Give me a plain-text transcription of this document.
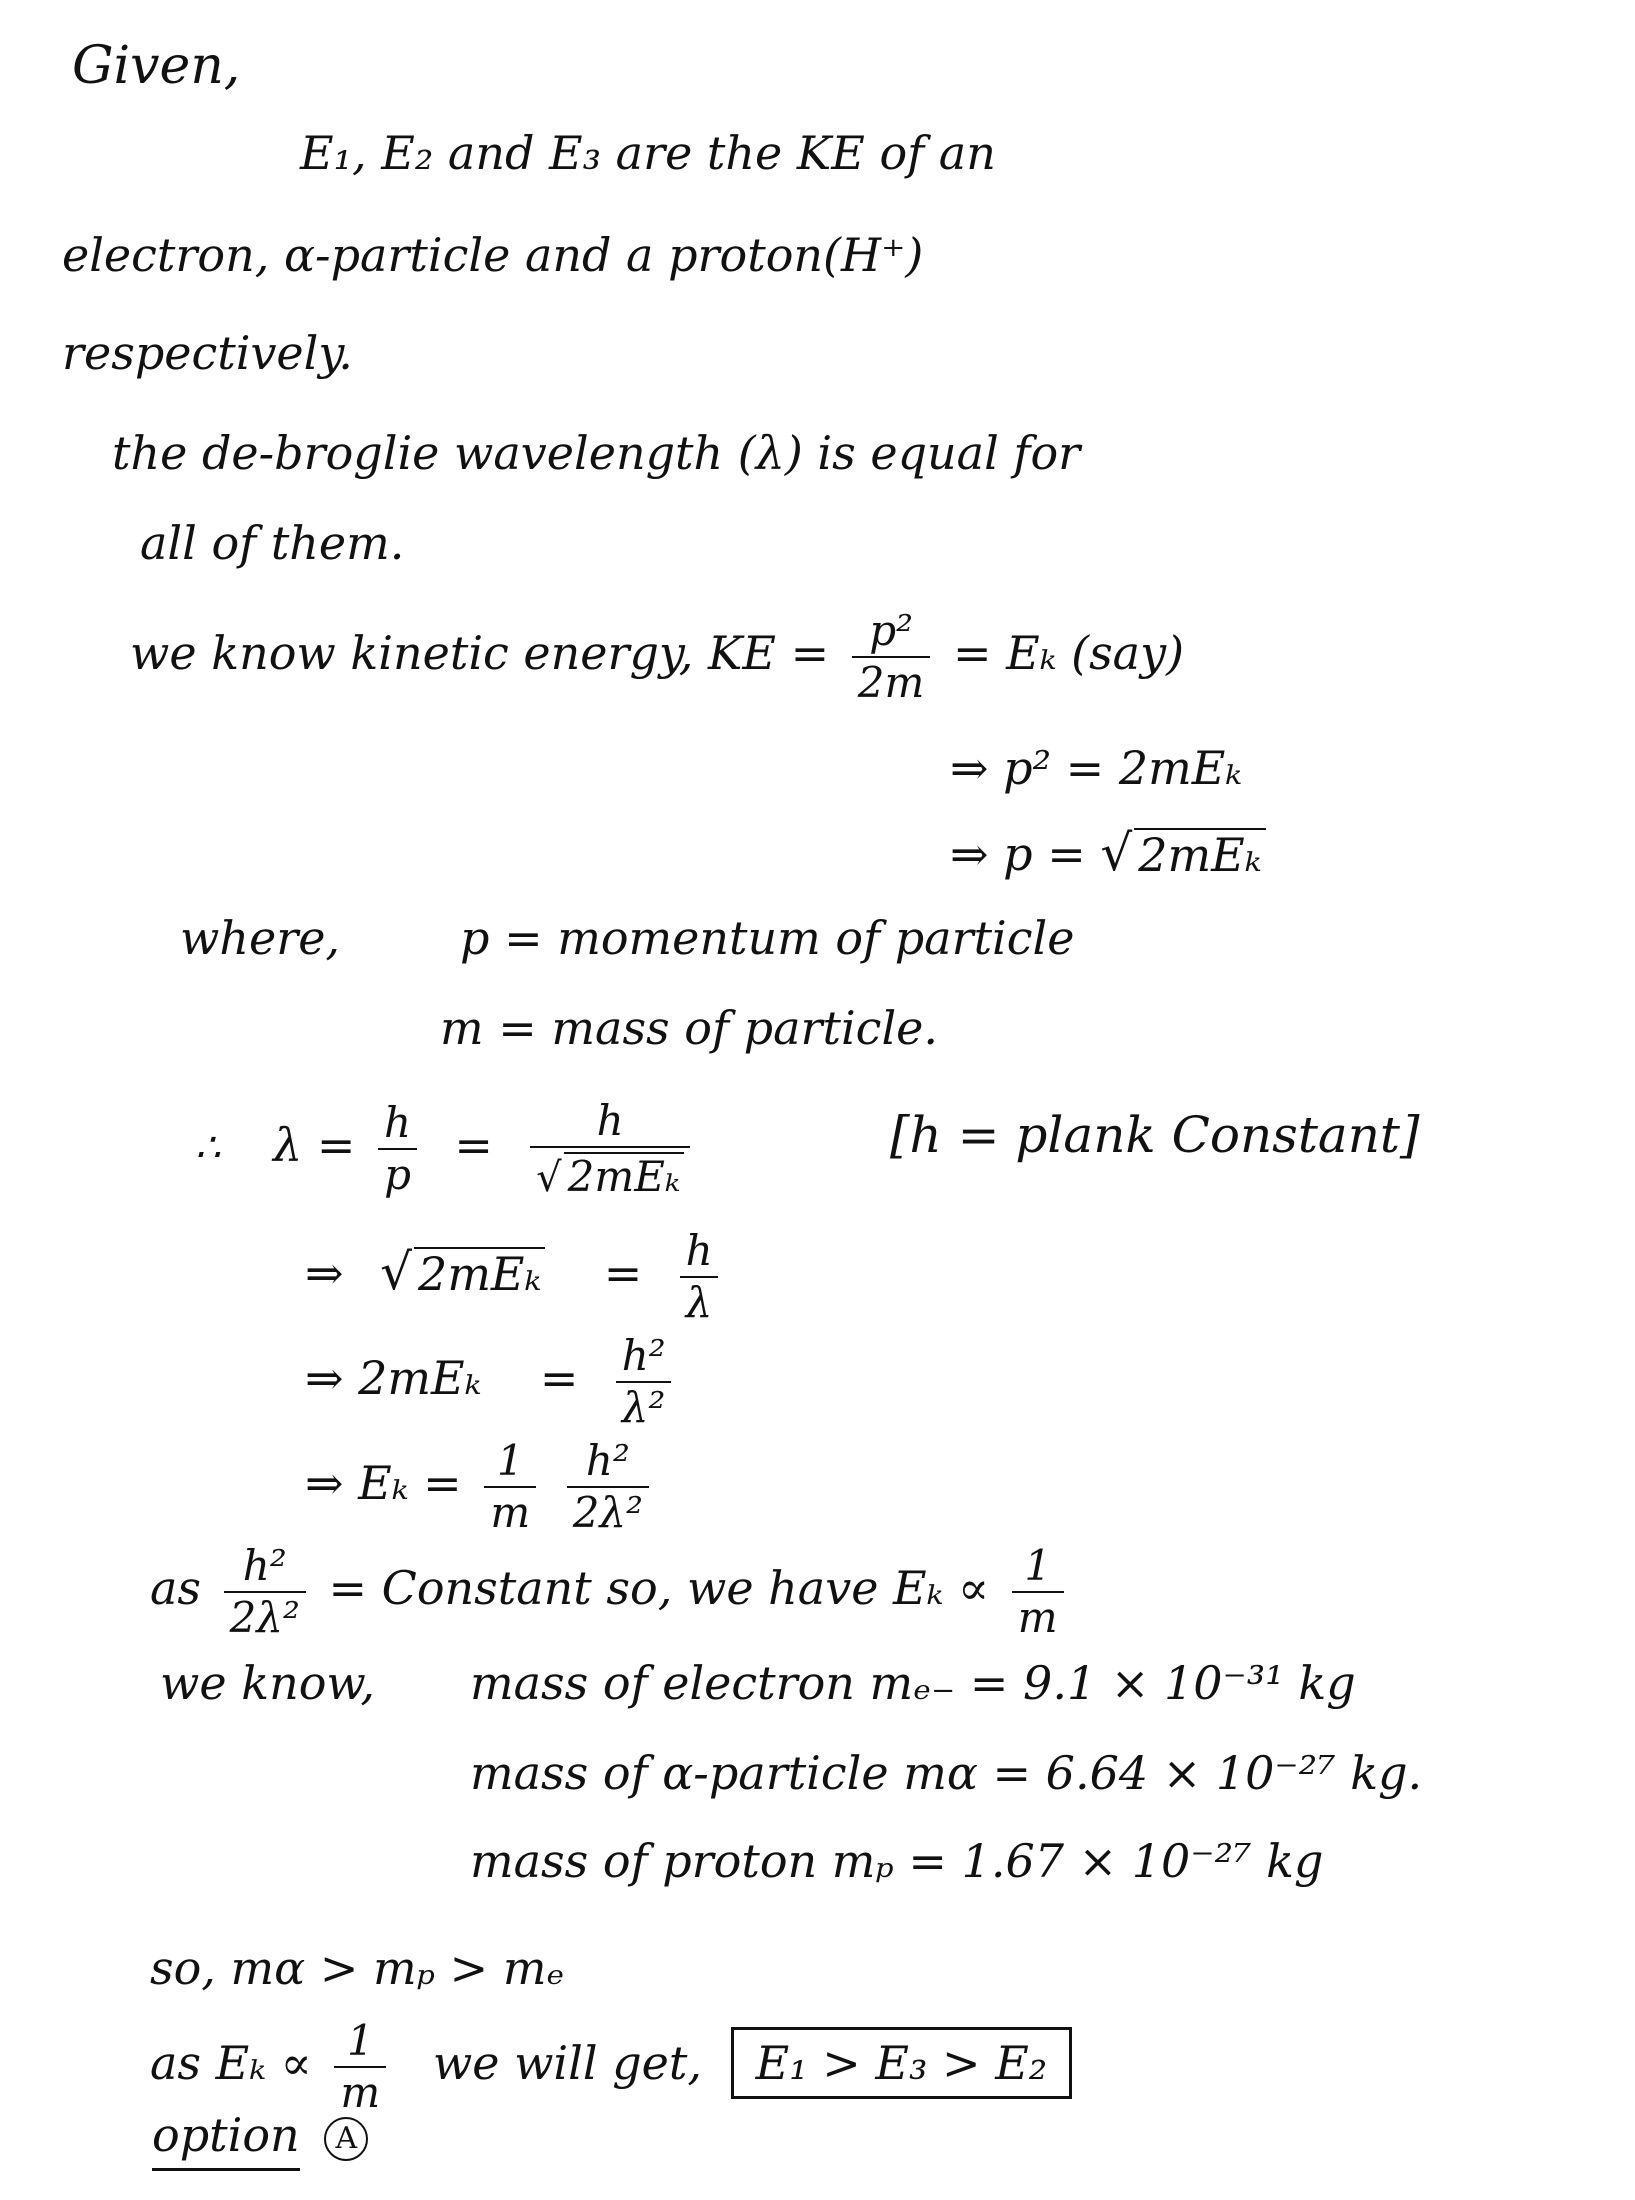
Given,
E₁, E₂ and E₃ are the KE of an
electron, α-particle and a proton(H⁺)
respectively.
the de-broglie wavelength (λ) is equal for
all of them.
we know kinetic energy, KE = $\frac{\text{p²}}{2m} = E_k$ (say)
⇒ p² = 2mEₖ
⇒ p = √ 2mEₖ
where,	p = momentum of particle
m = mass of particle.
∴ $\lambda = \frac{h}{p} = \frac{h}{\text{√ 2mEₖ}}$	[h = plank Constant]
⇒ √ $2mE_k = \frac{h}{\lambda}$
⇒ 2mEₖ    = $\frac{\text{h²}}{\text{λ²}}$
⇒ $E_k = \frac{1}{m}$
$\frac{\text{h²}}{\text{2λ²}}$
as $\frac{\text{h²}}{\text{2λ²}}$ = Constant so, we have $E_k \propto \frac{1}{m}$
we know, mass of electron mₑ₋ = 9.1 × 10⁻³¹ kg
mass of α-particle mα = 6.64 × 10⁻²⁷ kg.
mass of proton mₚ = 1.67 × 10⁻²⁷ kg
so, mα > mₚ > mₑ
as $E_k \propto \frac{1}{m}$ we will get, E₁ > E₃ > E₂
option A
